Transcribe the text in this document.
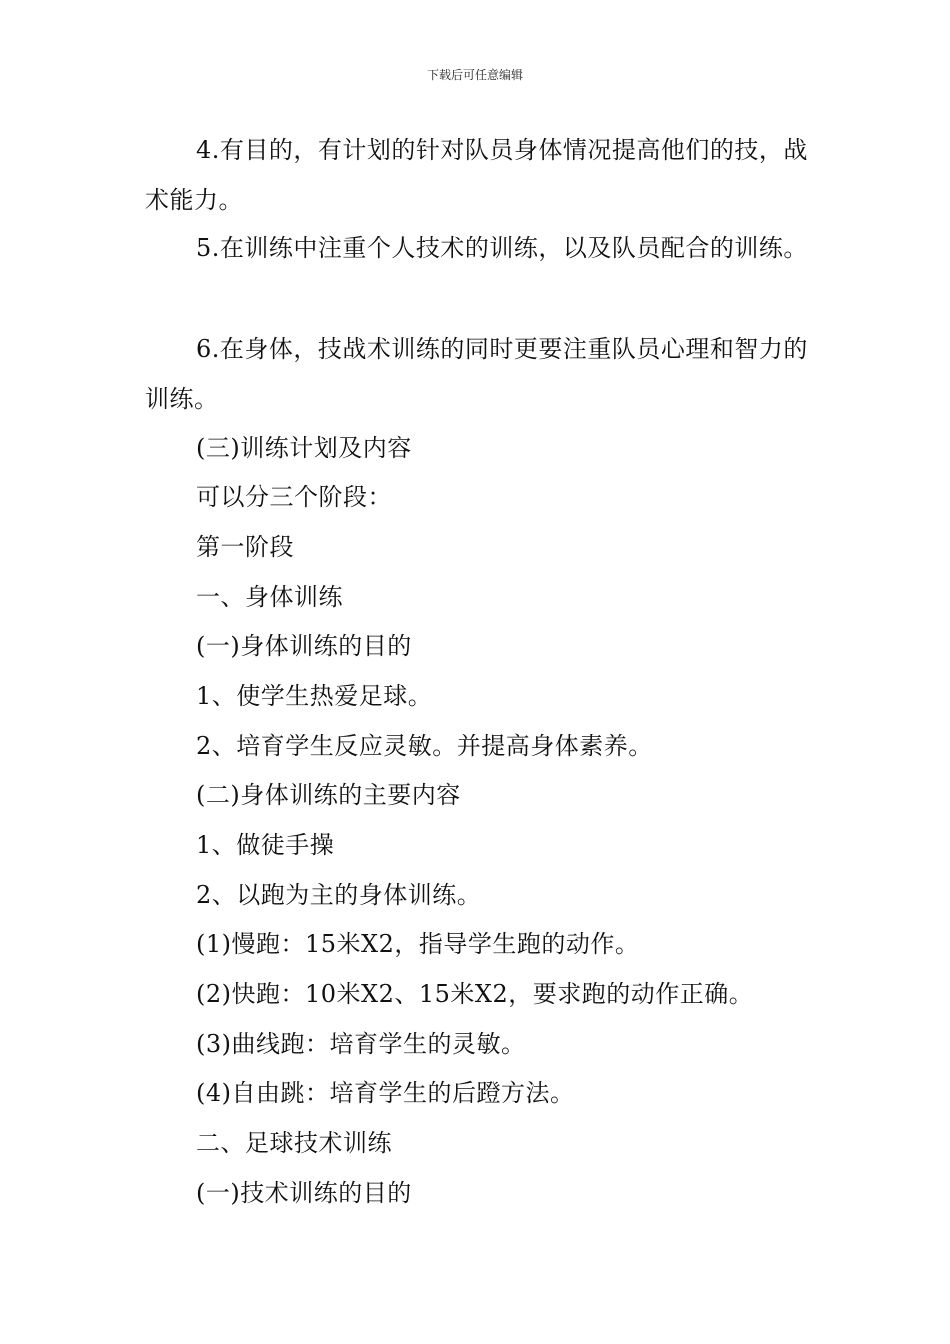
下载后可任意编辑

4.有目的，有计划的针对队员身体情况提高他们的技，战术能力。

5.在训练中注重个人技术的训练，以及队员配合的训练。

6.在身体，技战术训练的同时更要注重队员心理和智力的训练。

(三)训练计划及内容

可以分三个阶段：

第一阶段

一、身体训练

(一)身体训练的目的

1、使学生热爱足球。

2、培育学生反应灵敏。并提高身体素养。

(二)身体训练的主要内容

1、做徒手操

2、以跑为主的身体训练。

(1)慢跑：15米X2，指导学生跑的动作。

(2)快跑：10米X2、15米X2，要求跑的动作正确。

(3)曲线跑：培育学生的灵敏。

(4)自由跳：培育学生的后蹬方法。

二、足球技术训练

(一)技术训练的目的
